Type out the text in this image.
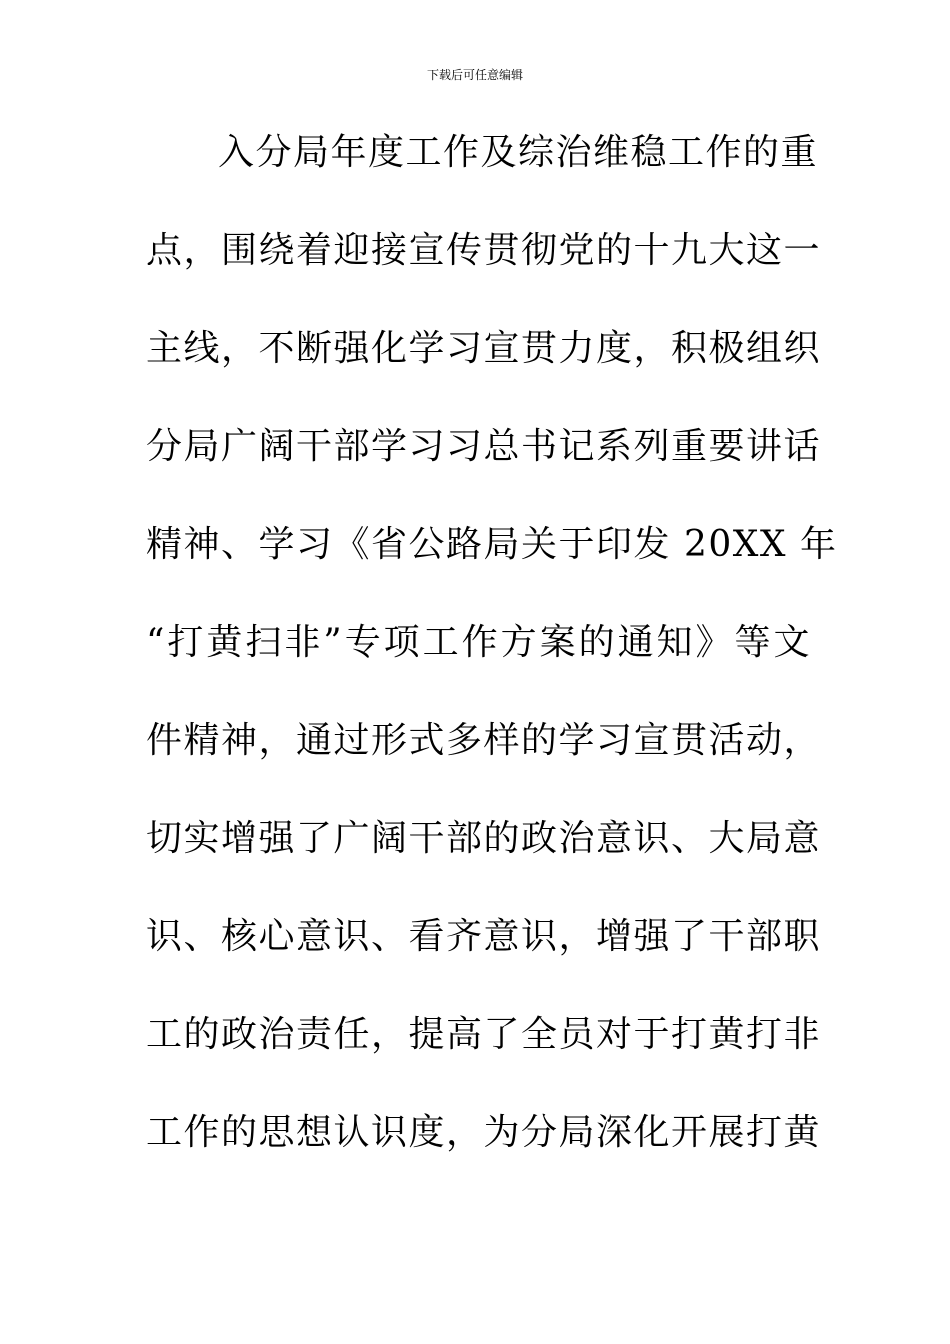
下载后可任意编辑
入分局年度工作及综治维稳工作的重
点，围绕着迎接宣传贯彻党的十九大这一
主线，不断强化学习宣贯力度，积极组织
分局广阔干部学习习总书记系列重要讲话
精神、学习《省公路局关于印发 20XX 年
“打黄扫非”专项工作方案的通知》等文
件精神，通过形式多样的学习宣贯活动，
切实增强了广阔干部的政治意识、大局意
识、核心意识、看齐意识，增强了干部职
工的政治责任，提高了全员对于打黄打非
工作的思想认识度，为分局深化开展打黄
